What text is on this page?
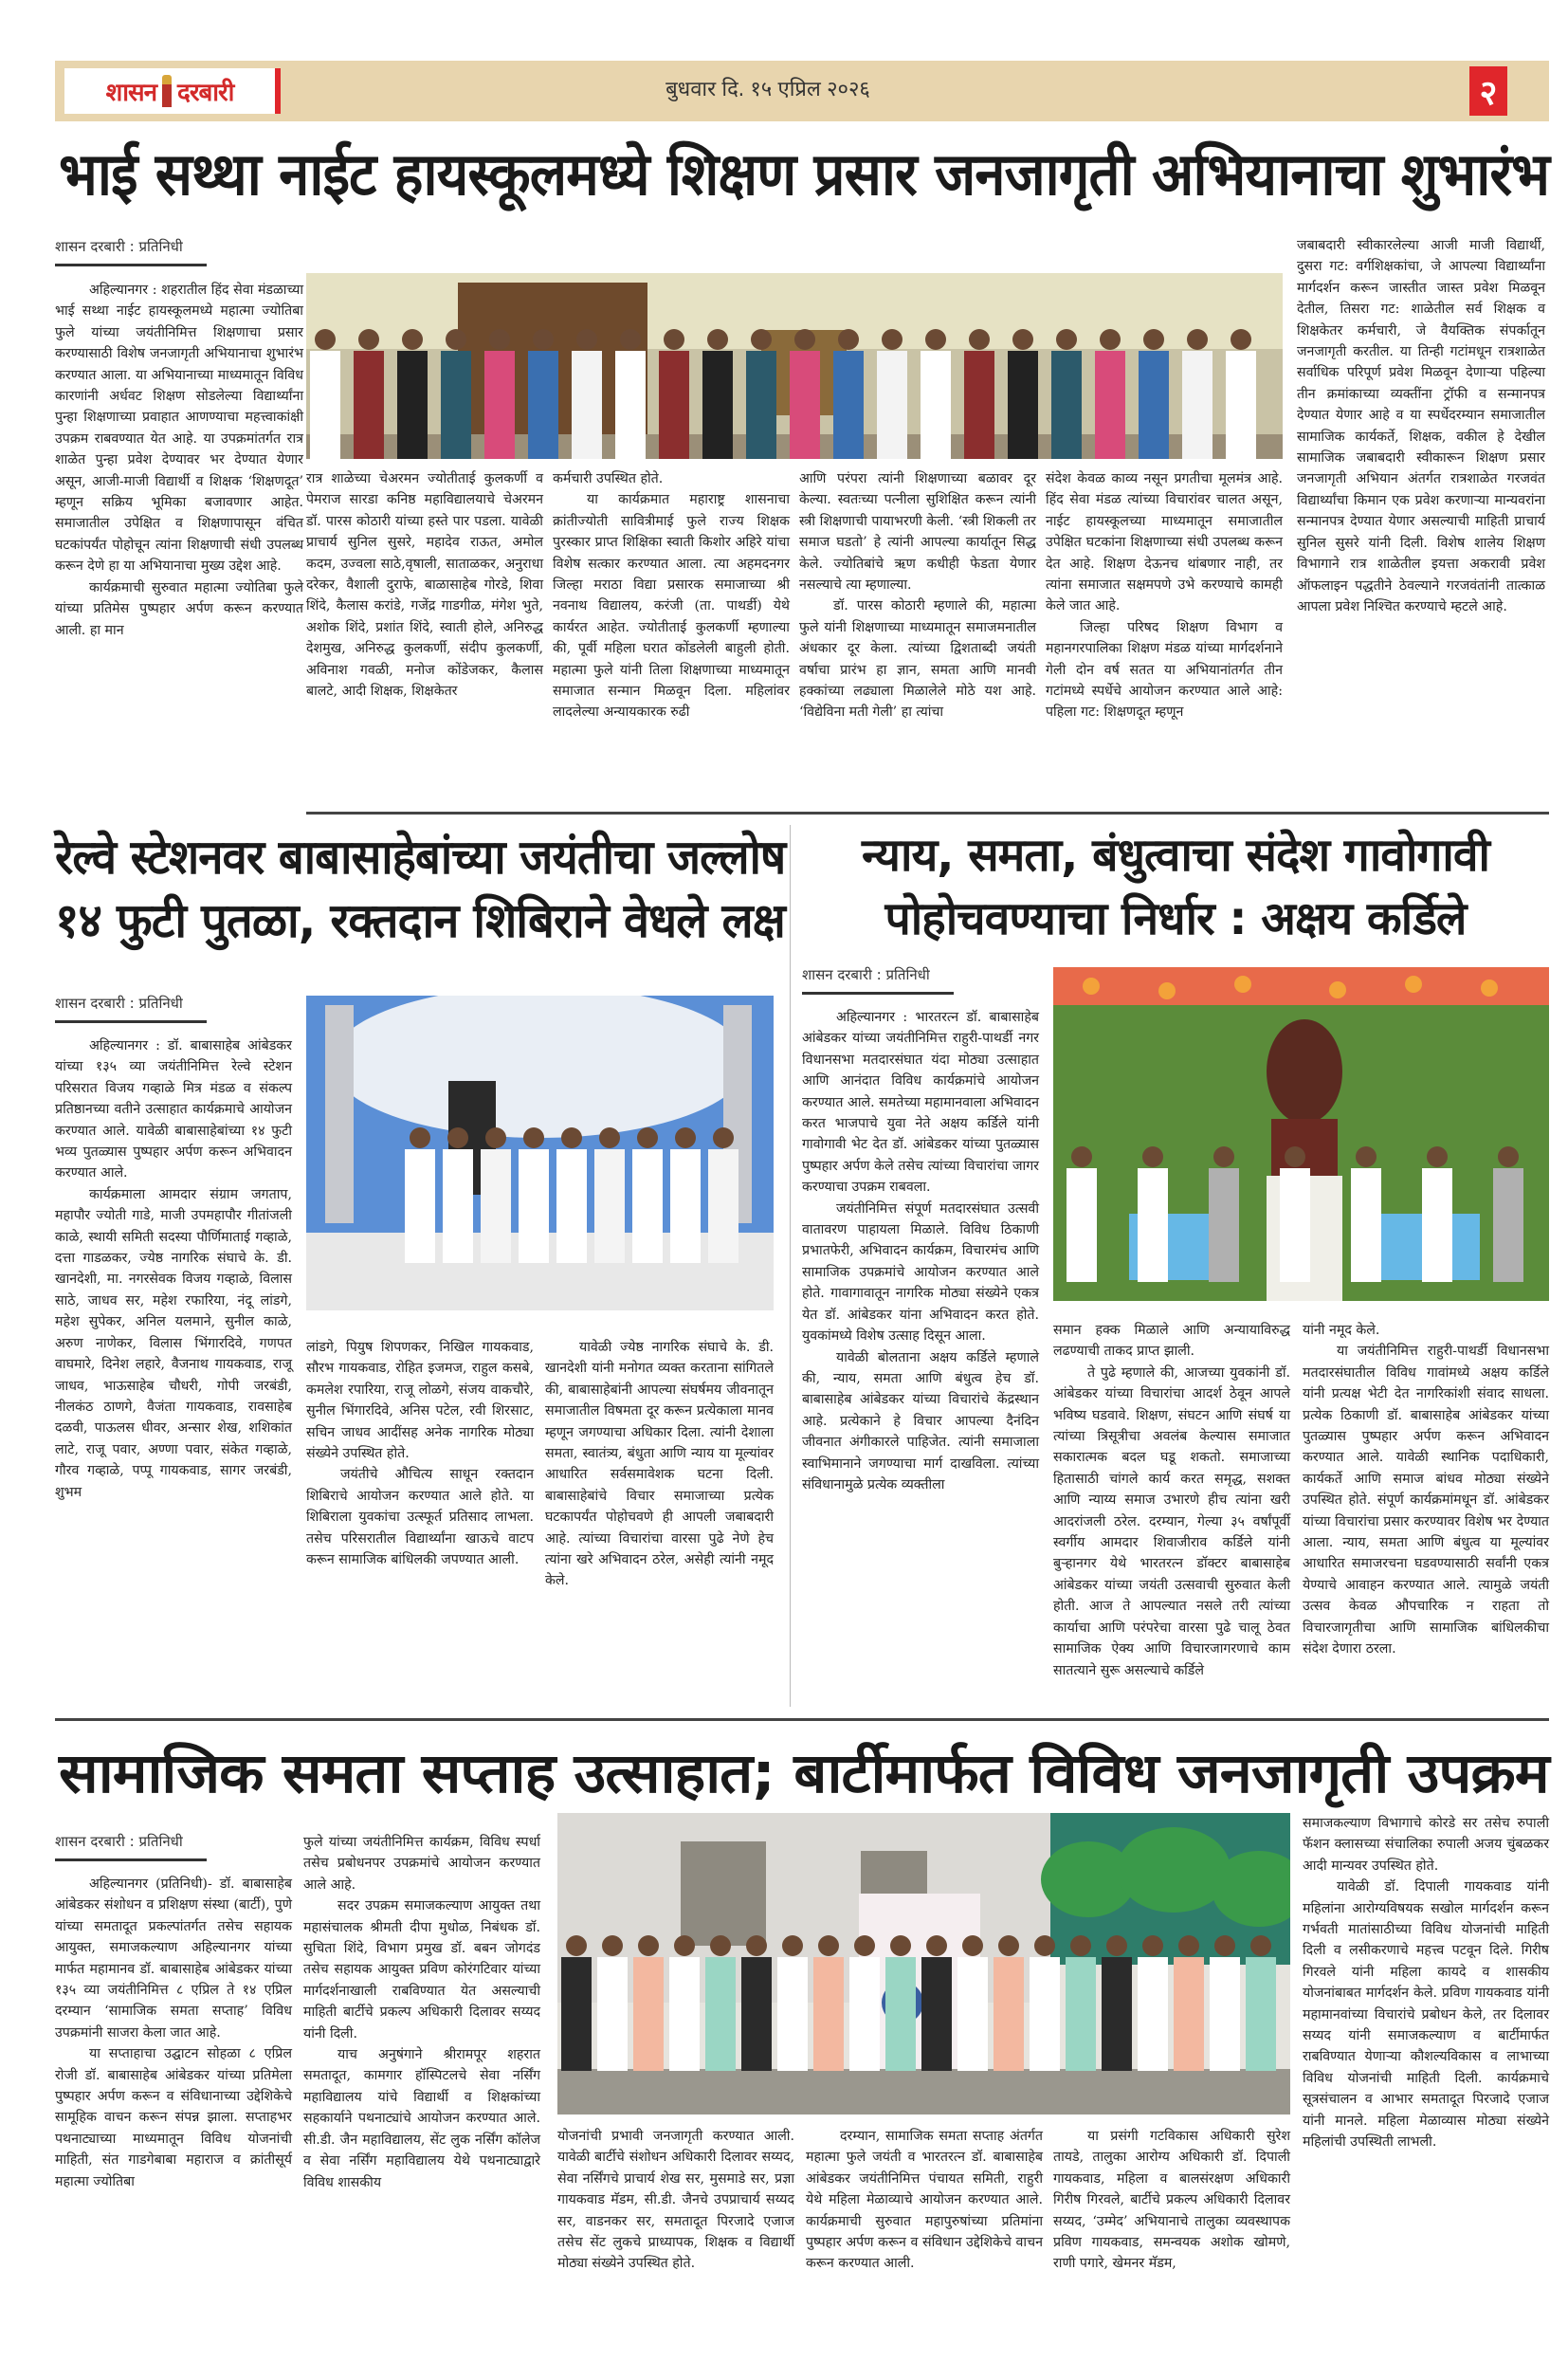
शासन दरबारी	बुधवार दि. १५ एप्रिल २०२६	२
भाई सथ्था नाईट हायस्कूलमध्ये शिक्षण प्रसार जनजागृती अभियानाचा शुभारंभ
शासन दरबारी : प्रतिनिधी

अहिल्यानगर : शहरातील हिंद सेवा मंडळाच्या भाई सथ्था नाईट हायस्कूलमध्ये महात्मा ज्योतिबा फुले यांच्या जयंतीनिमित्त शिक्षणाचा प्रसार करण्यासाठी विशेष जनजागृती अभियानाचा शुभारंभ करण्यात आला. या अभियानाच्या माध्यमातून विविध कारणांनी अर्धवट शिक्षण सोडलेल्या विद्यार्थ्यांना पुन्हा शिक्षणाच्या प्रवाहात आणण्याचा महत्त्वाकांक्षी उपक्रम राबवण्यात येत आहे. या उपक्रमांतर्गत रात्र शाळेत पुन्हा प्रवेश देण्यावर भर देण्यात येणार असून, आजी-माजी विद्यार्थी व शिक्षक ‘शिक्षणदूत’ म्हणून सक्रिय भूमिका बजावणार आहेत. समाजातील उपेक्षित व शिक्षणापासून वंचित घटकांपर्यंत पोहोचून त्यांना शिक्षणाची संधी उपलब्ध करून देणे हा या अभियानाचा मुख्य उद्देश आहे.

कार्यक्रमाची सुरुवात महात्मा ज्योतिबा फुले यांच्या प्रतिमेस पुष्पहार अर्पण करून करण्यात आली. हा मान

रात्र शाळेच्या चेअरमन ज्योतीताई कुलकर्णी व पेमराज सारडा कनिष्ठ महाविद्यालयाचे चेअरमन डॉ. पारस कोठारी यांच्या हस्ते पार पडला. यावेळी प्राचार्य सुनिल सुसरे, महादेव राऊत, अमोल कदम, उज्वला साठे,वृषाली, साताळकर, अनुराधा दरेकर, वैशाली दुराफे, बाळासाहेब गोरडे, शिवा शिंदे, कैलास करांडे, गजेंद्र गाडगीळ, मंगेश भुते, अशोक शिंदे, प्रशांत शिंदे, स्वाती होले, अनिरुद्ध देशमुख, अनिरुद्ध कुलकर्णी, संदीप कुलकर्णी, अविनाश गवळी, मनोज कोंडेजकर, कैलास बालटे, आदी शिक्षक, शिक्षकेतर

कर्मचारी उपस्थित होते.

या कार्यक्रमात महाराष्ट्र शासनाचा क्रांतीज्योती सावित्रीमाई फुले राज्य शिक्षक पुरस्कार प्राप्त शिक्षिका स्वाती किशोर अहिरे यांचा विशेष सत्कार करण्यात आला. त्या अहमदनगर जिल्हा मराठा विद्या प्रसारक समाजाच्या श्री नवनाथ विद्यालय, करंजी (ता. पाथर्डी) येथे कार्यरत आहेत. ज्योतीताई कुलकर्णी म्हणाल्या की, पूर्वी महिला घरात कोंडलेली बाहुली होती. महात्मा फुले यांनी तिला शिक्षणाच्या माध्यमातून समाजात सन्मान मिळवून दिला. महिलांवर लादलेल्या अन्यायकारक रुढी

आणि परंपरा त्यांनी शिक्षणाच्या बळावर दूर केल्या. स्वतःच्या पत्नीला सुशिक्षित करून त्यांनी स्त्री शिक्षणाची पायाभरणी केली. ‘स्त्री शिकली तर समाज घडतो’ हे त्यांनी आपल्या कार्यातून सिद्ध केले. ज्योतिबांचे ऋण कधीही फेडता येणार नसल्याचे त्या म्हणाल्या.

डॉ. पारस कोठारी म्हणाले की, महात्मा फुले यांनी शिक्षणाच्या माध्यमातून समाजमनातील अंधकार दूर केला. त्यांच्या द्विशताब्दी जयंती वर्षाचा प्रारंभ हा ज्ञान, समता आणि मानवी हक्कांच्या लढ्याला मिळालेले मोठे यश आहे. ‘विद्येविना मती गेली’ हा त्यांचा

संदेश केवळ काव्य नसून प्रगतीचा मूलमंत्र आहे. हिंद सेवा मंडळ त्यांच्या विचारांवर चालत असून, नाईट हायस्कूलच्या माध्यमातून समाजातील उपेक्षित घटकांना शिक्षणाच्या संधी उपलब्ध करून देत आहे. शिक्षण देऊनच थांबणार नाही, तर त्यांना समाजात सक्षमपणे उभे करण्याचे कामही केले जात आहे.

जिल्हा परिषद शिक्षण विभाग व महानगरपालिका शिक्षण मंडळ यांच्या मार्गदर्शनाने गेली दोन वर्ष सतत या अभियानांतर्गत तीन गटांमध्ये स्पर्धेचे आयोजन करण्यात आले आहे: पहिला गट: शिक्षणदूत म्हणून

जबाबदारी स्वीकारलेल्या आजी माजी विद्यार्थी, दुसरा गट: वर्गशिक्षकांचा, जे आपल्या विद्यार्थ्यांना मार्गदर्शन करून जास्तीत जास्त प्रवेश मिळवून देतील, तिसरा गट: शाळेतील सर्व शिक्षक व शिक्षकेतर कर्मचारी, जे वैयक्तिक संपर्कातून जनजागृती करतील. या तिन्ही गटांमधून रात्रशाळेत सर्वाधिक परिपूर्ण प्रवेश मिळवून देणाऱ्या पहिल्या तीन क्रमांकाच्या व्यक्तींना ट्रॉफी व सन्मानपत्र देण्यात येणार आहे व या स्पर्धेदरम्यान समाजातील सामाजिक कार्यकर्ते, शिक्षक, वकील हे देखील सामाजिक जबाबदारी स्वीकारून शिक्षण प्रसार जनजागृती अभियान अंतर्गत रात्रशाळेत गरजवंत विद्यार्थ्यांचा किमान एक प्रवेश करणाऱ्या मान्यवरांना सन्मानपत्र देण्यात येणार असल्याची माहिती प्राचार्य सुनिल सुसरे यांनी दिली. विशेष शालेय शिक्षण विभागाने रात्र शाळेतील इयत्ता अकरावी प्रवेश ऑफलाइन पद्धतीने ठेवल्याने गरजवंतांनी तात्काळ आपला प्रवेश निश्चित करण्याचे म्हटले आहे.

रेल्वे स्टेशनवर बाबासाहेबांच्या जयंतीचा जल्लोष
१४ फुटी पुतळा, रक्तदान शिबिराने वेधले लक्ष
शासन दरबारी : प्रतिनिधी

अहिल्यानगर : डॉ. बाबासाहेब आंबेडकर यांच्या १३५ व्या जयंतीनिमित्त रेल्वे स्टेशन परिसरात विजय गव्हाळे मित्र मंडळ व संकल्प प्रतिष्ठानच्या वतीने उत्साहात कार्यक्रमाचे आयोजन करण्यात आले. यावेळी बाबासाहेबांच्या १४ फुटी भव्य पुतळ्यास पुष्पहार अर्पण करून अभिवादन करण्यात आले.

कार्यक्रमाला आमदार संग्राम जगताप, महापौर ज्योती गाडे, माजी उपमहापौर गीतांजली काळे, स्थायी समिती सदस्या पौर्णिमाताई गव्हाळे, दत्ता गाडळकर, ज्येष्ठ नागरिक संघाचे के. डी. खानदेशी, मा. नगरसेवक विजय गव्हाळे, विलास साठे, जाधव सर, महेश रफारिया, नंदू लांडगे, महेश सुपेकर, अनिल यलमाने, सुनील काळे, अरुण नाणेकर, विलास भिंगारदिवे, गणपत वाघमारे, दिनेश लहारे, वैजनाथ गायकवाड, राजू जाधव, भाऊसाहेब चौधरी, गोपी जरबंडी, नीलकंठ ठाणगे, वैजंता गायकवाड, रावसाहेब दळवी, पाऊलस धीवर, अन्सार शेख, शशिकांत लाटे, राजू पवार, अण्णा पवार, संकेत गव्हाळे, गौरव गव्हाळे, पप्पू गायकवाड, सागर जरबंडी, शुभम

लांडगे, पियुष शिपणकर, निखिल गायकवाड, सौरभ गायकवाड, रोहित इजमज, राहुल कसबे, कमलेश रपारिया, राजू लोळगे, संजय वाकचौरे, सुनील भिंगारदिवे, अनिस पटेल, रवी शिरसाट, सचिन जाधव आदींसह अनेक नागरिक मोठ्या संख्येने उपस्थित होते.

जयंतीचे औचित्य साधून रक्तदान शिबिराचे आयोजन करण्यात आले होते. या शिबिराला युवकांचा उत्स्फूर्त प्रतिसाद लाभला. तसेच परिसरातील विद्यार्थ्यांना खाऊचे वाटप करून सामाजिक बांधिलकी जपण्यात आली.

यावेळी ज्येष्ठ नागरिक संघाचे के. डी. खानदेशी यांनी मनोगत व्यक्त करताना सांगितले की, बाबासाहेबांनी आपल्या संघर्षमय जीवनातून समाजातील विषमता दूर करून प्रत्येकाला मानव म्हणून जगण्याचा अधिकार दिला. त्यांनी देशाला समता, स्वातंत्र्य, बंधुता आणि न्याय या मूल्यांवर आधारित सर्वसमावेशक घटना दिली. बाबासाहेबांचे विचार समाजाच्या प्रत्येक घटकापर्यंत पोहोचवणे ही आपली जबाबदारी आहे. त्यांच्या विचारांचा वारसा पुढे नेणे हेच त्यांना खरे अभिवादन ठरेल, असेही त्यांनी नमूद केले.

न्याय, समता, बंधुत्वाचा संदेश गावोगावी
पोहोचवण्याचा निर्धार : अक्षय कर्डिले
शासन दरबारी : प्रतिनिधी

अहिल्यानगर : भारतरत्न डॉ. बाबासाहेब आंबेडकर यांच्या जयंतीनिमित्त राहुरी-पाथर्डी नगर विधानसभा मतदारसंघात यंदा मोठ्या उत्साहात आणि आनंदात विविध कार्यक्रमांचे आयोजन करण्यात आले. समतेच्या महामानवाला अभिवादन करत भाजपाचे युवा नेते अक्षय कर्डिले यांनी गावोगावी भेट देत डॉ. आंबेडकर यांच्या पुतळ्यास पुष्पहार अर्पण केले तसेच त्यांच्या विचारांचा जागर करण्याचा उपक्रम राबवला.

जयंतीनिमित्त संपूर्ण मतदारसंघात उत्सवी वातावरण पाहायला मिळाले. विविध ठिकाणी प्रभातफेरी, अभिवादन कार्यक्रम, विचारमंच आणि सामाजिक उपक्रमांचे आयोजन करण्यात आले होते. गावागावातून नागरिक मोठ्या संख्येने एकत्र येत डॉ. आंबेडकर यांना अभिवादन करत होते. युवकांमध्ये विशेष उत्साह दिसून आला.

यावेळी बोलताना अक्षय कर्डिले म्हणाले की, न्याय, समता आणि बंधुत्व हेच डॉ. बाबासाहेब आंबेडकर यांच्या विचारांचे केंद्रस्थान आहे. प्रत्येकाने हे विचार आपल्या दैनंदिन जीवनात अंगीकारले पाहिजेत. त्यांनी समाजाला स्वाभिमानाने जगण्याचा मार्ग दाखविला. त्यांच्या संविधानामुळे प्रत्येक व्यक्तीला

समान हक्क मिळाले आणि अन्यायाविरुद्ध लढण्याची ताकद प्राप्त झाली.

ते पुढे म्हणाले की, आजच्या युवकांनी डॉ. आंबेडकर यांच्या विचारांचा आदर्श ठेवून आपले भविष्य घडवावे. शिक्षण, संघटन आणि संघर्ष या त्यांच्या त्रिसूत्रीचा अवलंब केल्यास समाजात सकारात्मक बदल घडू शकतो. समाजाच्या हितासाठी चांगले कार्य करत समृद्ध, सशक्त आणि न्याय्य समाज उभारणे हीच त्यांना खरी आदरांजली ठरेल. दरम्यान, गेल्या ३५ वर्षांपूर्वी स्वर्गीय आमदार शिवाजीराव कर्डिले यांनी बुऱ्हानगर येथे भारतरत्न डॉक्टर बाबासाहेब आंबेडकर यांच्या जयंती उत्सवाची सुरुवात केली होती. आज ते आपल्यात नसले तरी त्यांच्या कार्याचा आणि परंपरेचा वारसा पुढे चालू ठेवत सामाजिक ऐक्य आणि विचारजागरणाचे काम सातत्याने सुरू असल्याचे कर्डिले

यांनी नमूद केले.

या जयंतीनिमित्त राहुरी-पाथर्डी विधानसभा मतदारसंघातील विविध गावांमध्ये अक्षय कर्डिले यांनी प्रत्यक्ष भेटी देत नागरिकांशी संवाद साधला. प्रत्येक ठिकाणी डॉ. बाबासाहेब आंबेडकर यांच्या पुतळ्यास पुष्पहार अर्पण करून अभिवादन करण्यात आले. यावेळी स्थानिक पदाधिकारी, कार्यकर्ते आणि समाज बांधव मोठ्या संख्येने उपस्थित होते. संपूर्ण कार्यक्रमांमधून डॉ. आंबेडकर यांच्या विचारांचा प्रसार करण्यावर विशेष भर देण्यात आला. न्याय, समता आणि बंधुत्व या मूल्यांवर आधारित समाजरचना घडवण्यासाठी सर्वांनी एकत्र येण्याचे आवाहन करण्यात आले. त्यामुळे जयंती उत्सव केवळ औपचारिक न राहता तो विचारजागृतीचा आणि सामाजिक बांधिलकीचा संदेश देणारा ठरला.

सामाजिक समता सप्ताह उत्साहात; बार्टीमार्फत विविध जनजागृती उपक्रम
शासन दरबारी : प्रतिनिधी

अहिल्यानगर (प्रतिनिधी)- डॉ. बाबासाहेब आंबेडकर संशोधन व प्रशिक्षण संस्था (बार्टी), पुणे यांच्या समतादूत प्रकल्पांतर्गत तसेच सहायक आयुक्त, समाजकल्याण अहिल्यानगर यांच्या मार्फत महामानव डॉ. बाबासाहेब आंबेडकर यांच्या १३५ व्या जयंतीनिमित्त ८ एप्रिल ते १४ एप्रिल दरम्यान ‘सामाजिक समता सप्ताह’ विविध उपक्रमांनी साजरा केला जात आहे.

या सप्ताहाचा उद्घाटन सोहळा ८ एप्रिल रोजी डॉ. बाबासाहेब आंबेडकर यांच्या प्रतिमेला पुष्पहार अर्पण करून व संविधानाच्या उद्देशिकेचे सामूहिक वाचन करून संपन्न झाला. सप्ताहभर पथनाट्याच्या माध्यमातून विविध योजनांची माहिती, संत गाडगेबाबा महाराज व क्रांतीसूर्य महात्मा ज्योतिबा

फुले यांच्या जयंतीनिमित्त कार्यक्रम, विविध स्पर्धा तसेच प्रबोधनपर उपक्रमांचे आयोजन करण्यात आले आहे.

सदर उपक्रम समाजकल्याण आयुक्त तथा महासंचालक श्रीमती दीपा मुधोळ, निबंधक डॉ. सुचिता शिंदे, विभाग प्रमुख डॉ. बबन जोगदंड तसेच सहायक आयुक्त प्रविण कोरंगटिवार यांच्या मार्गदर्शनाखाली राबविण्यात येत असल्याची माहिती बार्टीचे प्रकल्प अधिकारी दिलावर सय्यद यांनी दिली.

याच अनुषंगाने श्रीरामपूर शहरात समतादूत, कामगार हॉस्पिटलचे सेवा नर्सिंग महाविद्यालय यांचे विद्यार्थी व शिक्षकांच्या सहकार्याने पथनाट्यांचे आयोजन करण्यात आले. सी.डी. जैन महाविद्यालय, सेंट लुक नर्सिंग कॉलेज व सेवा नर्सिंग महाविद्यालय येथे पथनाट्याद्वारे विविध शासकीय

योजनांची प्रभावी जनजागृती करण्यात आली. यावेळी बार्टीचे संशोधन अधिकारी दिलावर सय्यद, सेवा नर्सिंगचे प्राचार्य शेख सर, मुसमाडे सर, प्रज्ञा गायकवाड मॅडम, सी.डी. जैनचे उपप्राचार्य सय्यद सर, वाडनकर सर, समतादूत पिरजादे एजाज तसेच सेंट लुकचे प्राध्यापक, शिक्षक व विद्यार्थी मोठ्या संख्येने उपस्थित होते.

दरम्यान, सामाजिक समता सप्ताह अंतर्गत महात्मा फुले जयंती व भारतरत्न डॉ. बाबासाहेब आंबेडकर जयंतीनिमित्त पंचायत समिती, राहुरी येथे महिला मेळाव्याचे आयोजन करण्यात आले. कार्यक्रमाची सुरुवात महापुरुषांच्या प्रतिमांना पुष्पहार अर्पण करून व संविधान उद्देशिकेचे वाचन करून करण्यात आली.

या प्रसंगी गटविकास अधिकारी सुरेश तायडे, तालुका आरोग्य अधिकारी डॉ. दिपाली गायकवाड, महिला व बालसंरक्षण अधिकारी गिरीष गिरवले, बार्टीचे प्रकल्प अधिकारी दिलावर सय्यद, ‘उम्मेद’ अभियानाचे तालुका व्यवस्थापक प्रविण गायकवाड, समन्वयक अशोक खोमणे, राणी पगारे, खेमनर मॅडम,

समाजकल्याण विभागाचे कोरडे सर तसेच रुपाली फॅशन क्लासच्या संचालिका रुपाली अजय चुंबळकर आदी मान्यवर उपस्थित होते.

यावेळी डॉ. दिपाली गायकवाड यांनी महिलांना आरोग्यविषयक सखोल मार्गदर्शन करून गर्भवती मातांसाठीच्या विविध योजनांची माहिती दिली व लसीकरणाचे महत्त्व पटवून दिले. गिरीष गिरवले यांनी महिला कायदे व शासकीय योजनांबाबत मार्गदर्शन केले. प्रविण गायकवाड यांनी महामानवांच्या विचारांचे प्रबोधन केले, तर दिलावर सय्यद यांनी समाजकल्याण व बार्टीमार्फत राबविण्यात येणाऱ्या कौशल्यविकास व लाभाच्या विविध योजनांची माहिती दिली. कार्यक्रमाचे सूत्रसंचालन व आभार समतादूत पिरजादे एजाज यांनी मानले. महिला मेळाव्यास मोठ्या संख्येने महिलांची उपस्थिती लाभली.
